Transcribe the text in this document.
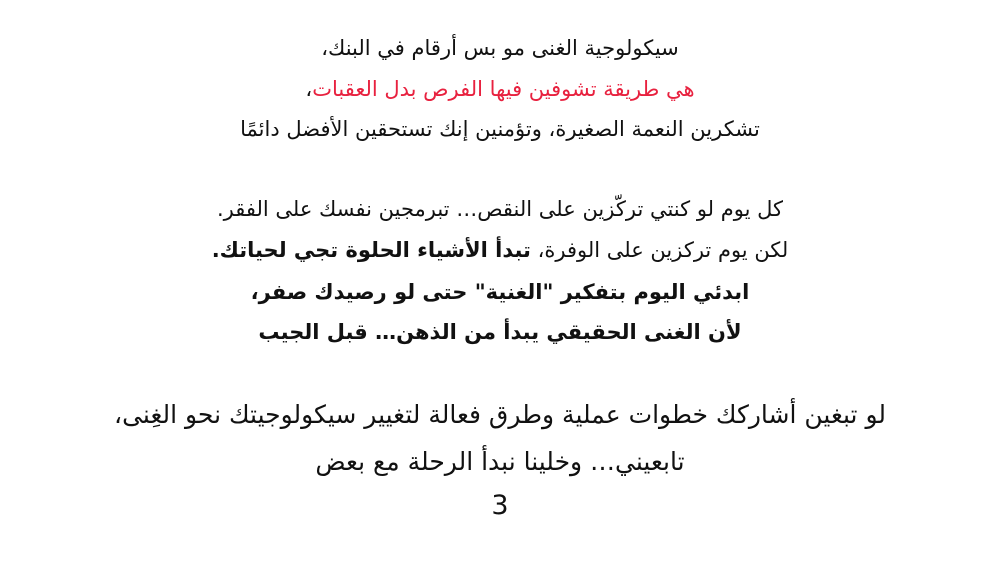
سيكولوجية الغنى مو بس أرقام في البنك،
هي طريقة تشوفين فيها الفرص بدل العقبات،
تشكرين النعمة الصغيرة، وتؤمنين إنك تستحقين الأفضل دائمًا
كل يوم لو كنتي تركّزين على النقص… تبرمجين نفسك على الفقر.
لكن يوم تركزين على الوفرة، تبدأ الأشياء الحلوة تجي لحياتك.
ابدئي اليوم بتفكير "الغنية" حتى لو رصيدك صفر،
لأن الغنى الحقيقي يبدأ من الذهن… قبل الجيب
لو تبغين أشاركك خطوات عملية وطرق فعالة لتغيير سيكولوجيتك نحو الغِنى،
تابعيني… وخلينا نبدأ الرحلة مع بعض
3
